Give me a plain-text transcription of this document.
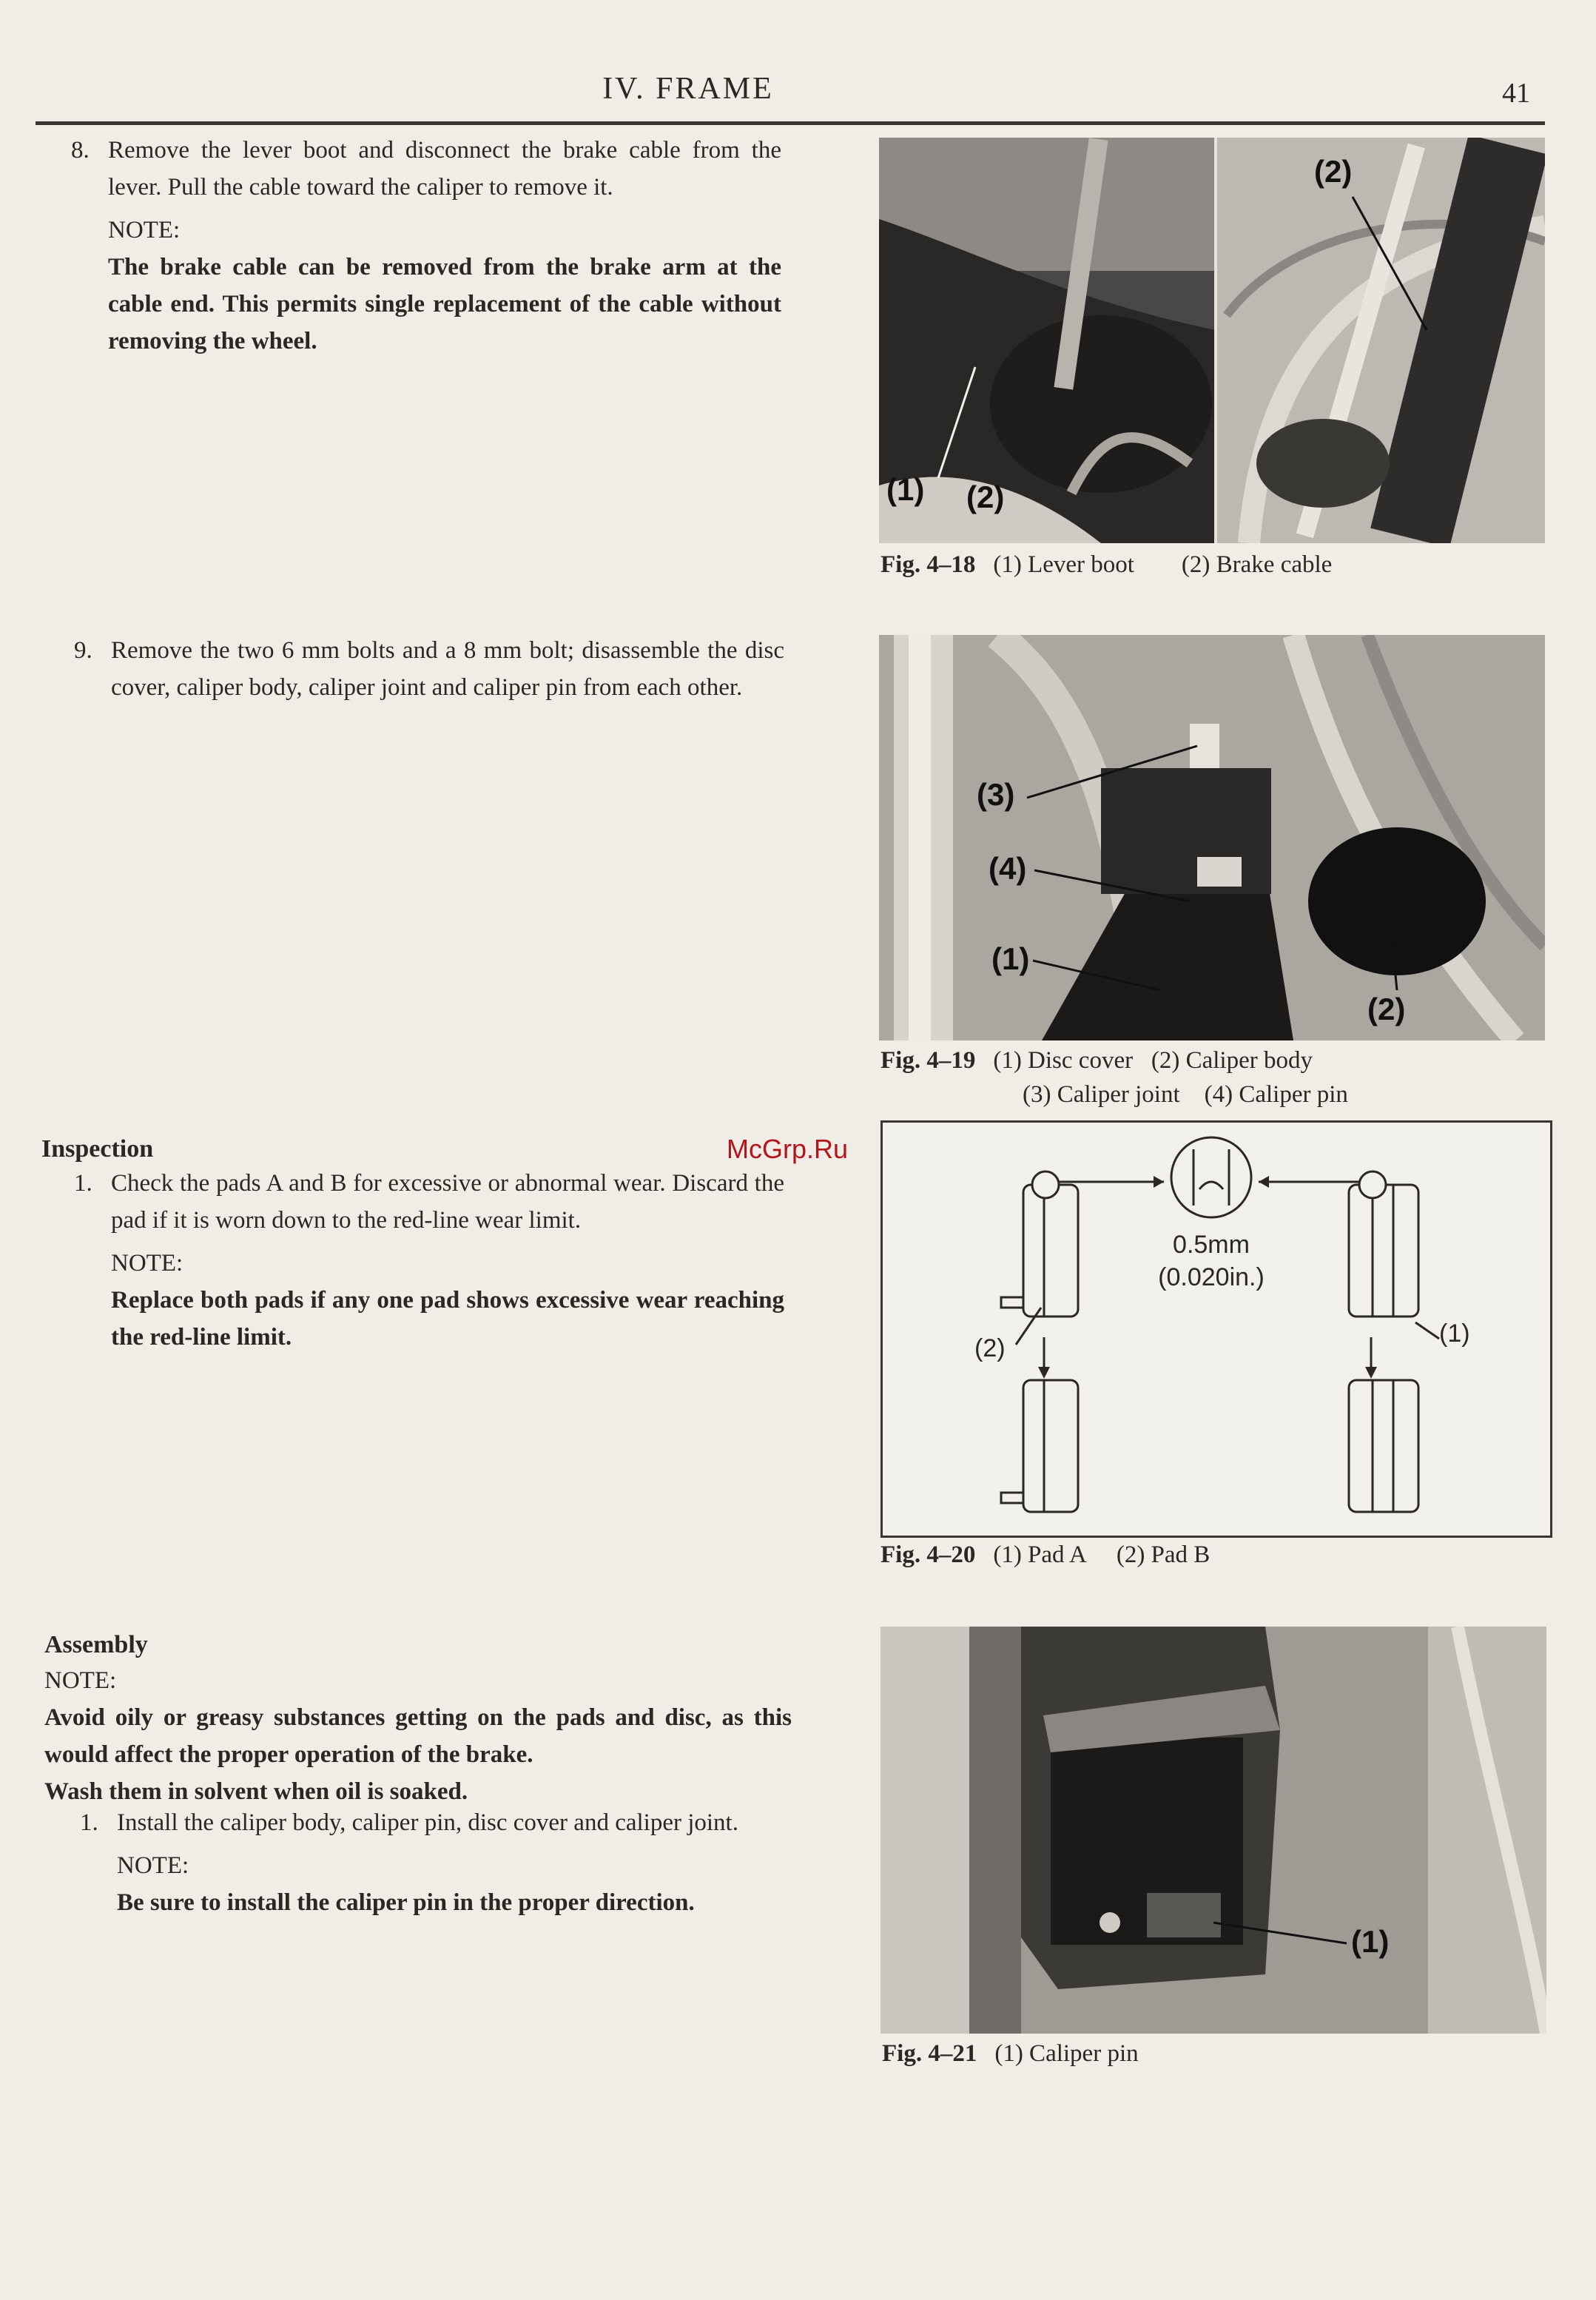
IV. FRAME	41
8. Remove the lever boot and disconnect the brake cable from the lever. Pull the cable toward the caliper to remove it.
NOTE:
The brake cable can be removed from the brake arm at the cable end. This permits single replacement of the cable without removing the wheel.
(1) (2)
(2)
Fig. 4–18 (1) Lever boot (2) Brake cable
9. Remove the two 6 mm bolts and a 8 mm bolt; disassemble the disc cover, caliper body, caliper joint and caliper pin from each other.
(3)
(4)
(1)
(2)
Fig. 4–19 (1) Disc cover (2) Caliper body
(3) Caliper joint (4) Caliper pin
Inspection
1. Check the pads A and B for excessive or abnormal wear. Discard the pad if it is worn down to the red-line wear limit.
NOTE:
Replace both pads if any one pad shows excessive wear reaching the red-line limit.
McGrp.Ru
0.5mm
(0.020in.)
(2)
(1)
Fig. 4–20 (1) Pad A (2) Pad B
Assembly
NOTE:
Avoid oily or greasy substances getting on the pads and disc, as this would affect the proper operation of the brake.
Wash them in solvent when oil is soaked.
1. Install the caliper body, caliper pin, disc cover and caliper joint.
NOTE:
Be sure to install the caliper pin in the proper direction.
(1)
Fig. 4–21 (1) Caliper pin
